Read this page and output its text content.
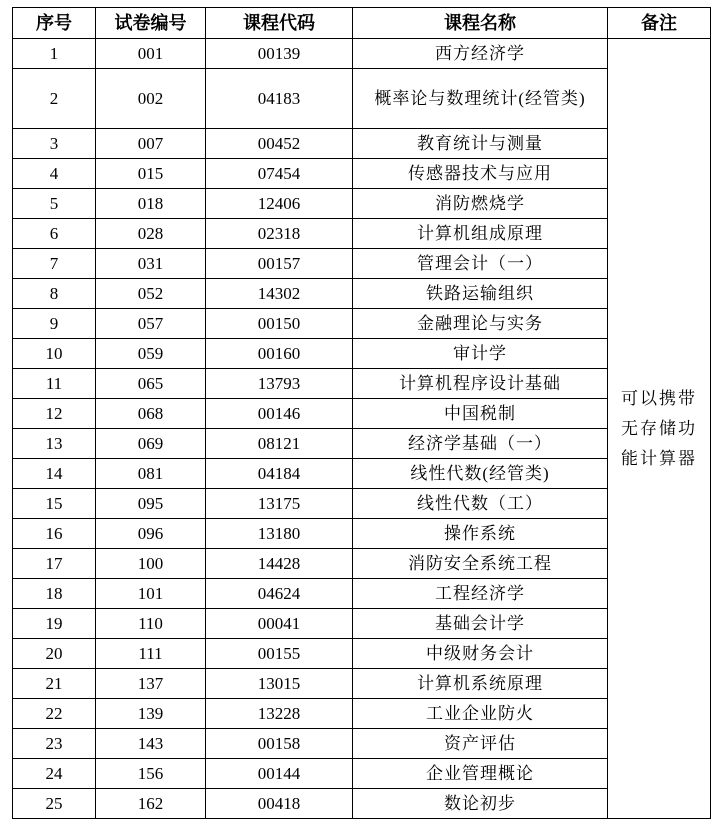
序号	试卷编号	课程代码	课程名称	备注
1	001	00139	西方经济学	可以携带无存储功能计算器
2	002	04183	概率论与数理统计(经管类)	
3	007	00452	教育统计与测量	
4	015	07454	传感器技术与应用	
5	018	12406	消防燃烧学	
6	028	02318	计算机组成原理	
7	031	00157	管理会计（一）	
8	052	14302	铁路运输组织	
9	057	00150	金融理论与实务	
10	059	00160	审计学	
11	065	13793	计算机程序设计基础	
12	068	00146	中国税制	
13	069	08121	经济学基础（一）	
14	081	04184	线性代数(经管类)	
15	095	13175	线性代数（工）	
16	096	13180	操作系统	
17	100	14428	消防安全系统工程	
18	101	04624	工程经济学	
19	110	00041	基础会计学	
20	111	00155	中级财务会计	
21	137	13015	计算机系统原理	
22	139	13228	工业企业防火	
23	143	00158	资产评估	
24	156	00144	企业管理概论	
25	162	00418	数论初步	
